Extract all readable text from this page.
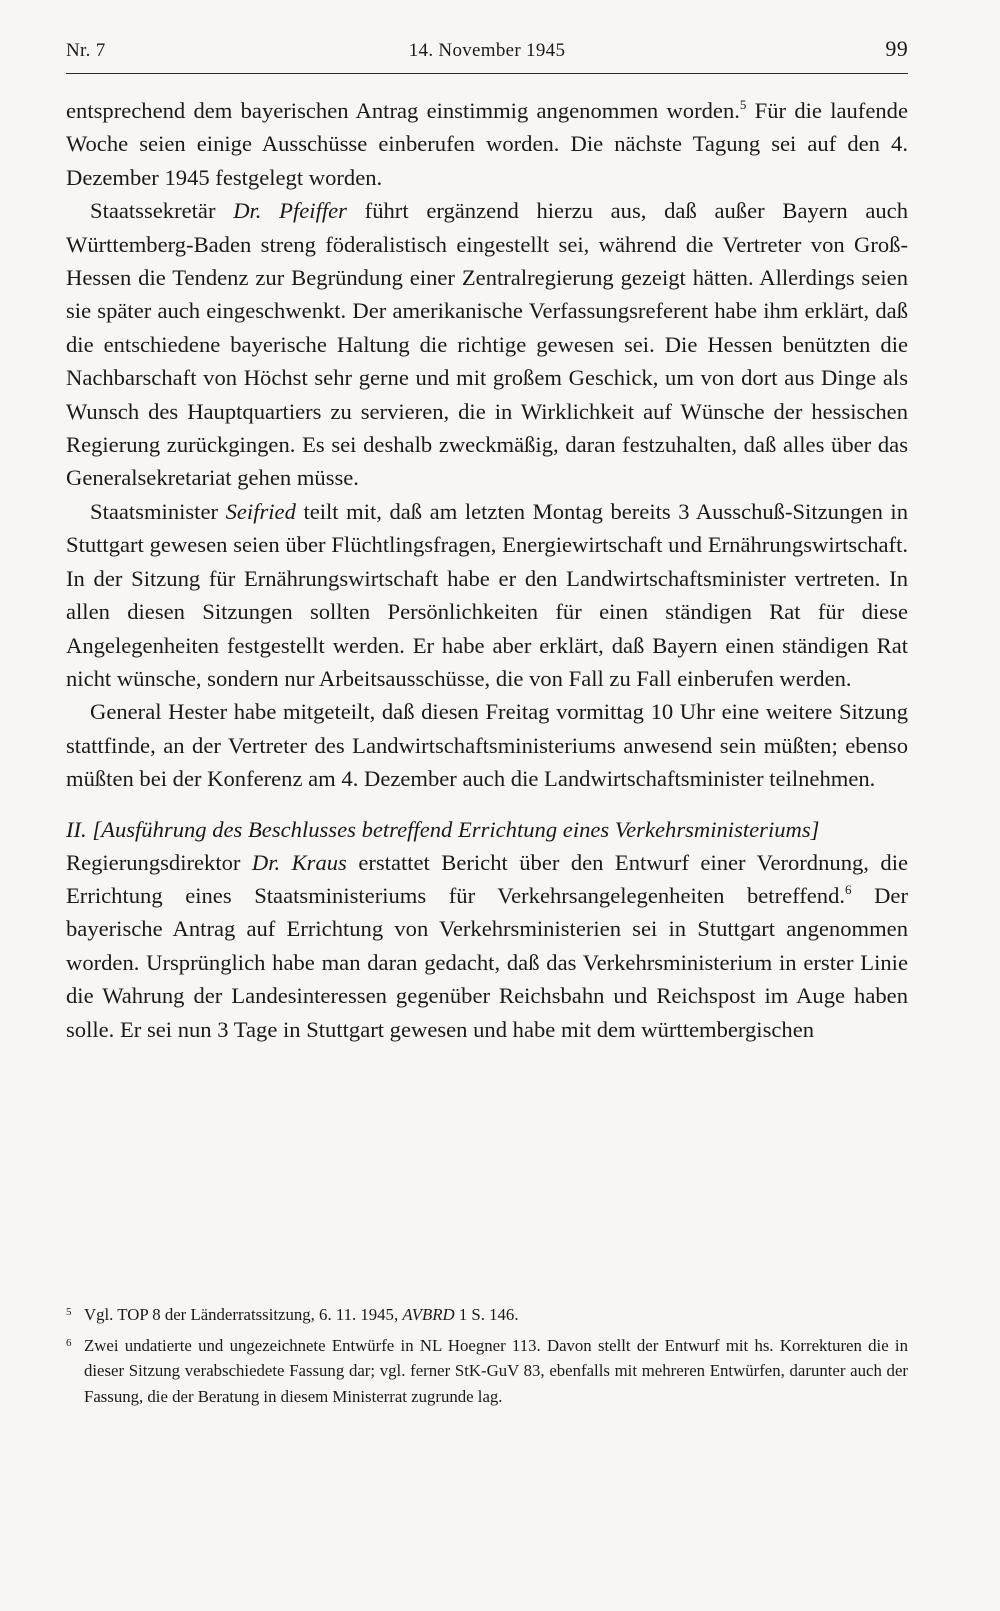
Nr. 7	14. November 1945	99

entsprechend dem bayerischen Antrag einstimmig angenommen worden.$^5$ Für die laufende Woche seien einige Ausschüsse einberufen worden. Die nächste Tagung sei auf den 4. Dezember 1945 festgelegt worden.

Staatssekretär Dr. Pfeiffer führt ergänzend hierzu aus, daß außer Bayern auch Württemberg-Baden streng föderalistisch eingestellt sei, während die Vertreter von Groß-Hessen die Tendenz zur Begründung einer Zentralregierung gezeigt hätten. Allerdings seien sie später auch eingeschwenkt. Der amerikanische Verfassungsreferent habe ihm erklärt, daß die entschiedene bayerische Haltung die richtige gewesen sei. Die Hessen benützten die Nachbarschaft von Höchst sehr gerne und mit großem Geschick, um von dort aus Dinge als Wunsch des Hauptquartiers zu servieren, die in Wirklichkeit auf Wünsche der hessischen Regierung zurückgingen. Es sei deshalb zweckmäßig, daran festzuhalten, daß alles über das Generalsekretariat gehen müsse.

Staatsminister Seifried teilt mit, daß am letzten Montag bereits 3 Ausschuß-Sitzungen in Stuttgart gewesen seien über Flüchtlingsfragen, Energiewirtschaft und Ernährungswirtschaft. In der Sitzung für Ernährungswirtschaft habe er den Landwirtschaftsminister vertreten. In allen diesen Sitzungen sollten Persönlichkeiten für einen ständigen Rat für diese Angelegenheiten festgestellt werden. Er habe aber erklärt, daß Bayern einen ständigen Rat nicht wünsche, sondern nur Arbeitsausschüsse, die von Fall zu Fall einberufen werden.

General Hester habe mitgeteilt, daß diesen Freitag vormittag 10 Uhr eine weitere Sitzung stattfinde, an der Vertreter des Landwirtschaftsministeriums anwesend sein müßten; ebenso müßten bei der Konferenz am 4. Dezember auch die Landwirtschaftsminister teilnehmen.

II. [Ausführung des Beschlusses betreffend Errichtung eines Verkehrsministeriums]

Regierungsdirektor Dr. Kraus erstattet Bericht über den Entwurf einer Verordnung, die Errichtung eines Staatsministeriums für Verkehrsangelegenheiten betreffend.$^6$ Der bayerische Antrag auf Errichtung von Verkehrsministerien sei in Stuttgart angenommen worden. Ursprünglich habe man daran gedacht, daß das Verkehrsministerium in erster Linie die Wahrung der Landesinteressen gegenüber Reichsbahn und Reichspost im Auge haben solle. Er sei nun 3 Tage in Stuttgart gewesen und habe mit dem württembergischen

5 Vgl. TOP 8 der Länderratssitzung, 6. 11. 1945, AVBRD 1 S. 146.

6 Zwei undatierte und ungezeichnete Entwürfe in NL Hoegner 113. Davon stellt der Entwurf mit hs. Korrekturen die in dieser Sitzung verabschiedete Fassung dar; vgl. ferner StK-GuV 83, ebenfalls mit mehreren Entwürfen, darunter auch der Fassung, die der Beratung in diesem Ministerrat zugrunde lag.
